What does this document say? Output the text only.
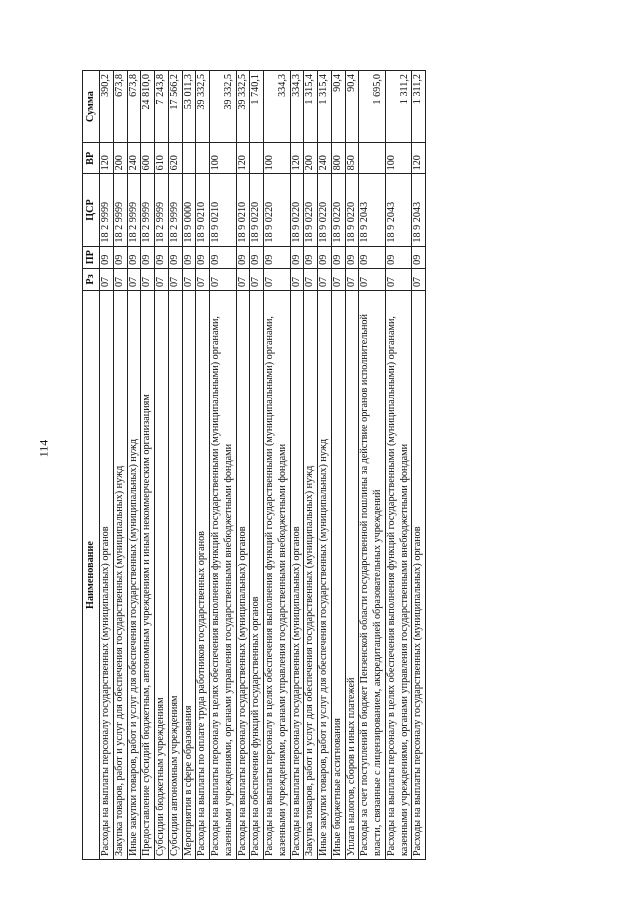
114
Наименование	Рз	ПР	ЦСР	ВР	Сумма
Расходы на выплаты персоналу государственных (муниципальных) органов	07	09	18 2 9999	120	390,2
Закупка товаров, работ и услуг для обеспечения государственных (муниципальных) нужд	07	09	18 2 9999	200	673,8
Иные закупки товаров, работ и услуг для обеспечения государственных (муниципальных) нужд	07	09	18 2 9999	240	673,8
Предоставление субсидий бюджетным, автономным учреждениям и иным некоммерческим организациям	07	09	18 2 9999	600	24 810,0
Субсидии бюджетным учреждениям	07	09	18 2 9999	610	7 243,8
Субсидии автономным учреждениям	07	09	18 2 9999	620	17 566,2
Мероприятия в сфере образования	07	09	18 9 0000		53 011,3
Расходы на выплаты по оплате труда работников государственных органов	07	09	18 9 0210		39 332,5
Расходы на выплаты персоналу в целях обеспечения выполнения функций государственными (муниципальными) органами, казенными учреждениями, органами управления государственными внебюджетными фондами	07	09	18 9 0210	100	39 332,5
Расходы на выплаты персоналу государственных (муниципальных) органов	07	09	18 9 0210	120	39 332,5
Расходы на обеспечение функций государственных органов	07	09	18 9 0220		1 740,1
Расходы на выплаты персоналу в целях обеспечения выполнения функций государственными (муниципальными) органами, казенными учреждениями, органами управления государственными внебюджетными фондами	07	09	18 9 0220	100	334,3
Расходы на выплаты персоналу государственных (муниципальных) органов	07	09	18 9 0220	120	334,3
Закупка товаров, работ и услуг для обеспечения государственных (муниципальных) нужд	07	09	18 9 0220	200	1 315,4
Иные закупки товаров, работ и услуг для обеспечения государственных (муниципальных) нужд	07	09	18 9 0220	240	1 315,4
Иные бюджетные ассигнования	07	09	18 9 0220	800	90,4
Уплата налогов, сборов и иных платежей	07	09	18 9 0220	850	90,4
Расходы за счет поступлений в бюджет Пензенской области государственной пошлины за действие органов исполнительной власти, связанные с лицензированием, аккредитацией образовательных учреждений	07	09	18 9 2043		1 695,0
Расходы на выплаты персоналу в целях обеспечения выполнения функций государственными (муниципальными) органами, казенными учреждениями, органами управления государственными внебюджетными фондами	07	09	18 9 2043	100	1 311,2
Расходы на выплаты персоналу государственных (муниципальных) органов	07	09	18 9 2043	120	1 311,2
